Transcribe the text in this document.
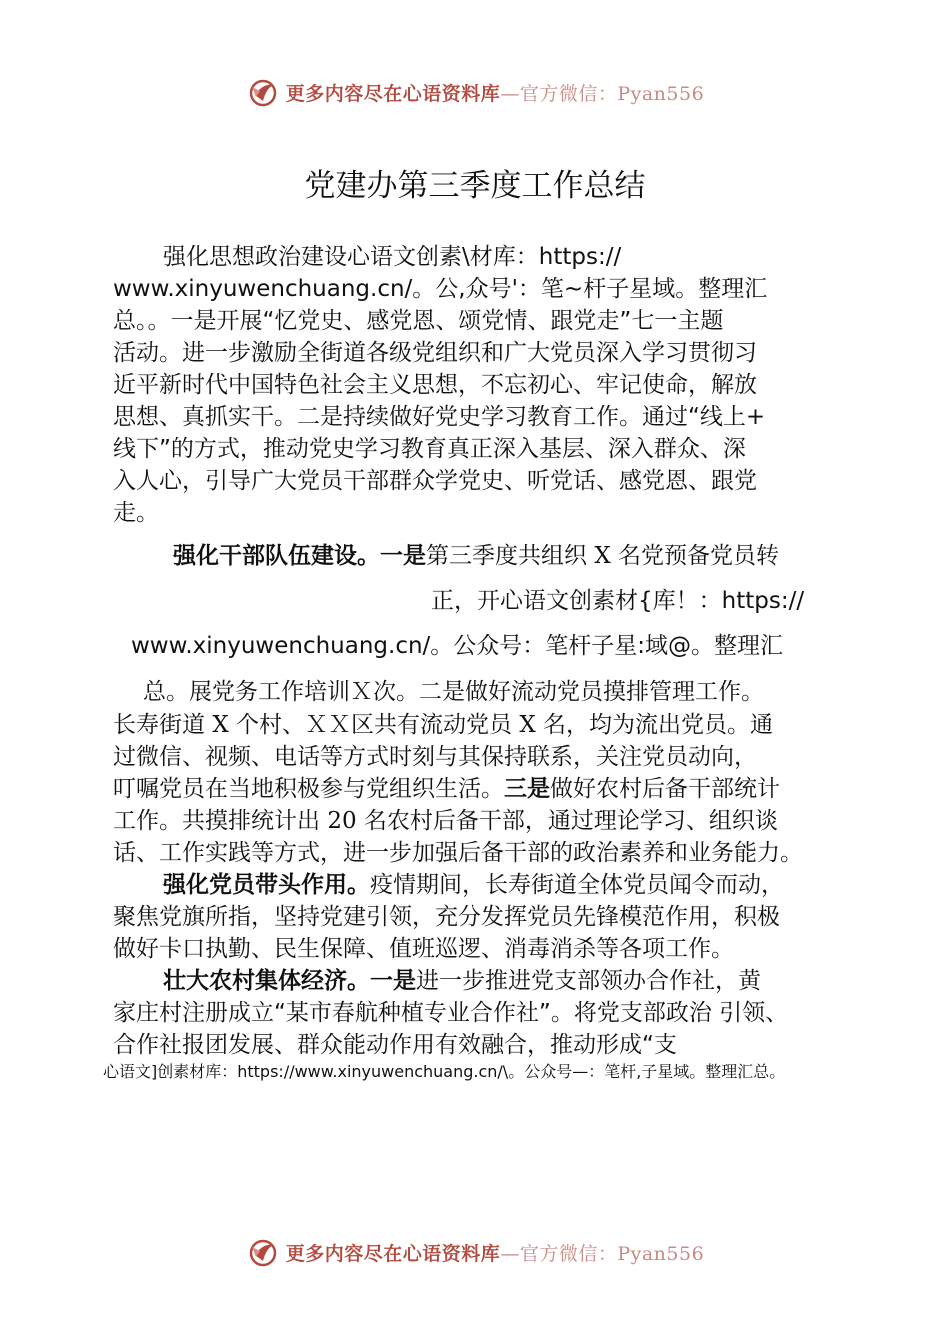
更多内容尽在心语资料库—官方微信：Pyan556
党建办第三季度工作总结
强化思想政治建设心语文创素\材库：https://
www.xinyuwenchuang.cn/。公,众号'：笔~杆子星域。整理汇
总。。一是开展“忆党史、感党恩、颂党情、跟党走”七一主题
活动。进一步激励全街道各级党组织和广大党员深入学习贯彻习
近平新时代中国特色社会主义思想，不忘初心、牢记使命，解放
思想、真抓实干。二是持续做好党史学习教育工作。通过“线上+
线下”的方式，推动党史学习教育真正深入基层、深入群众、深
入人心，引导广大党员干部群众学党史、听党话、感党恩、跟党
走。
强化干部队伍建设。一是第三季度共组织 X 名党预备党员转
正，开心语文创素材{库！：https://
www.xinyuwenchuang.cn/。公众号：笔杆子星:域@。整理汇
总。展党务工作培训Ｘ次。二是做好流动党员摸排管理工作。
长寿街道 X 个村、ＸＸ区共有流动党员 X 名，均为流出党员。通
过微信、视频、电话等方式时刻与其保持联系，关注党员动向，
叮嘱党员在当地积极参与党组织生活。三是做好农村后备干部统计
工作。共摸排统计出 20 名农村后备干部，通过理论学习、组织谈
话、工作实践等方式，进一步加强后备干部的政治素养和业务能力。
强化党员带头作用。疫情期间，长寿街道全体党员闻令而动，
聚焦党旗所指，坚持党建引领，充分发挥党员先锋模范作用，积极
做好卡口执勤、民生保障、值班巡逻、消毒消杀等各项工作。
壮大农村集体经济。一是进一步推进党支部领办合作社，黄
家庄村注册成立“某市春航种植专业合作社”。将党支部政治 引领、
合作社报团发展、群众能动作用有效融合，推动形成“支
心语文]创素材库：https://www.xinyuwenchuang.cn/\。公众号—：笔杆,子星域。整理汇总。
更多内容尽在心语资料库—官方微信：Pyan556
